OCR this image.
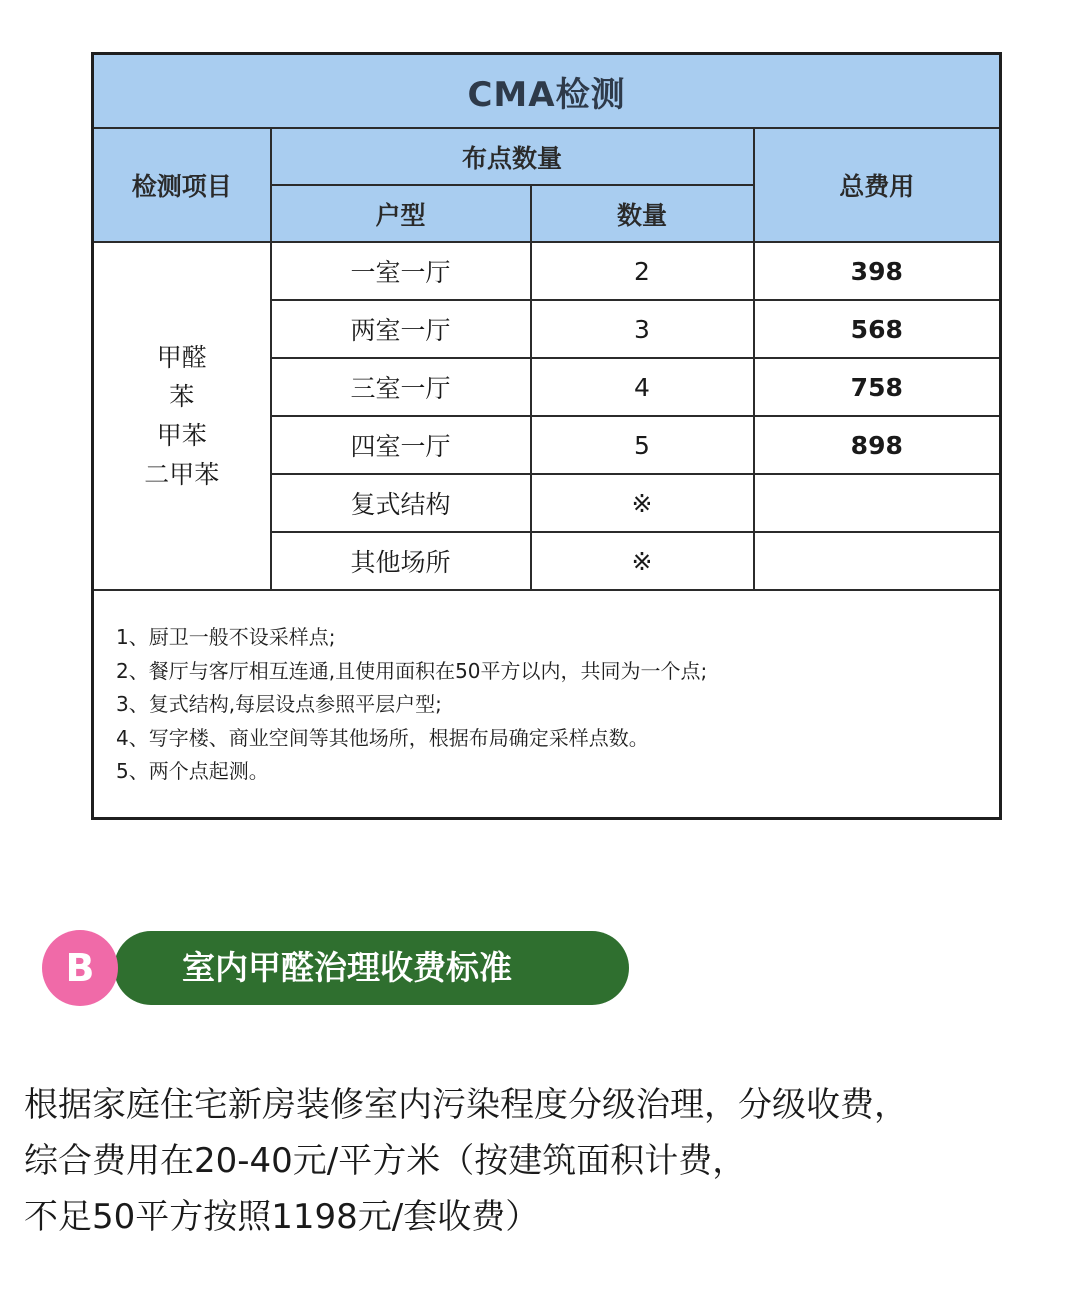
CMA检测			
检测项目	布点数量		总费用
	户型	数量	

甲醛
苯
甲苯
二甲苯	一室一厅	2	398
	两室一厅	3	568
	三室一厅	4	758
	四室一厅	5	898
	复式结构	※	
	其他场所	※	

1、厨卫一般不设采样点;
2、餐厅与客厅相互连通,且使用面积在50平方以内，共同为一个点;
3、复式结构,每层设点参照平层户型;
4、写字楼、商业空间等其他场所，根据布局确定采样点数。
5、两个点起测。			
室内甲醛治理收费标准
B
根据家庭住宅新房装修室内污染程度分级治理，分级收费，
综合费用在20-40元/平方米（按建筑面积计费，
不足50平方按照1198元/套收费）
